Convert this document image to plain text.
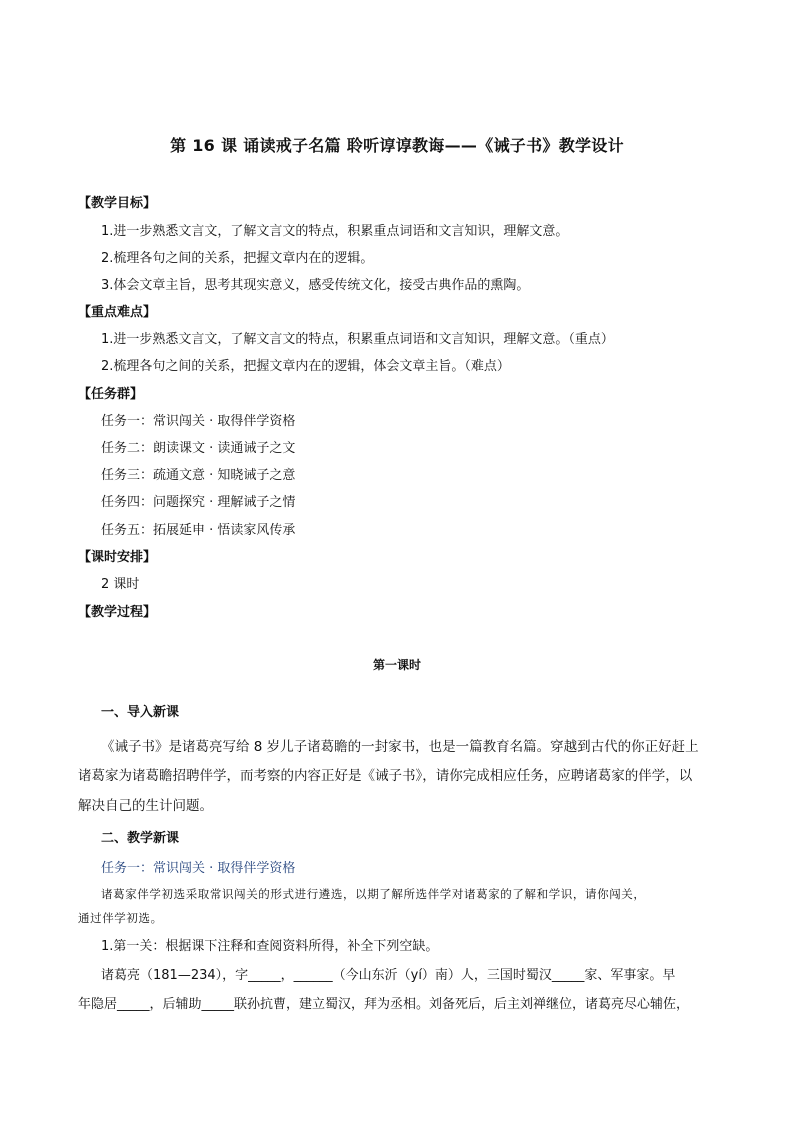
第 16 课 诵读戒子名篇 聆听谆谆教诲——《诫子书》教学设计
【教学目标】
1.进一步熟悉文言文，了解文言文的特点，积累重点词语和文言知识，理解文意。
2.梳理各句之间的关系，把握文章内在的逻辑。
3.体会文章主旨，思考其现实意义，感受传统文化，接受古典作品的熏陶。
【重点难点】
1.进一步熟悉文言文，了解文言文的特点，积累重点词语和文言知识，理解文意。（重点）
2.梳理各句之间的关系，把握文章内在的逻辑，体会文章主旨。（难点）
【任务群】
任务一：常识闯关 · 取得伴学资格
任务二：朗读课文 · 读通诫子之文
任务三：疏通文意 · 知晓诫子之意
任务四：问题探究 · 理解诫子之情
任务五：拓展延申 · 悟读家风传承
【课时安排】
2 课时
【教学过程】
第一课时
一、导入新课
《诫子书》是诸葛亮写给 8 岁儿子诸葛瞻的一封家书，也是一篇教育名篇。穿越到古代的你正好赶上
诸葛家为诸葛瞻招聘伴学，而考察的内容正好是《诫子书》，请你完成相应任务，应聘诸葛家的伴学，以
解决自己的生计问题。
二、教学新课
任务一：常识闯关 · 取得伴学资格
诸葛家伴学初选采取常识闯关的形式进行遴选，以期了解所选伴学对诸葛家的了解和学识，请你闯关，
通过伴学初选。
1.第一关：根据课下注释和查阅资料所得，补全下列空缺。
诸葛亮（181—234），字_____，______（今山东沂（yí）南）人，三国时蜀汉_____家、军事家。早
年隐居_____，后辅助_____联孙抗曹，建立蜀汉，拜为丞相。刘备死后，后主刘禅继位，诸葛亮尽心辅佐，
